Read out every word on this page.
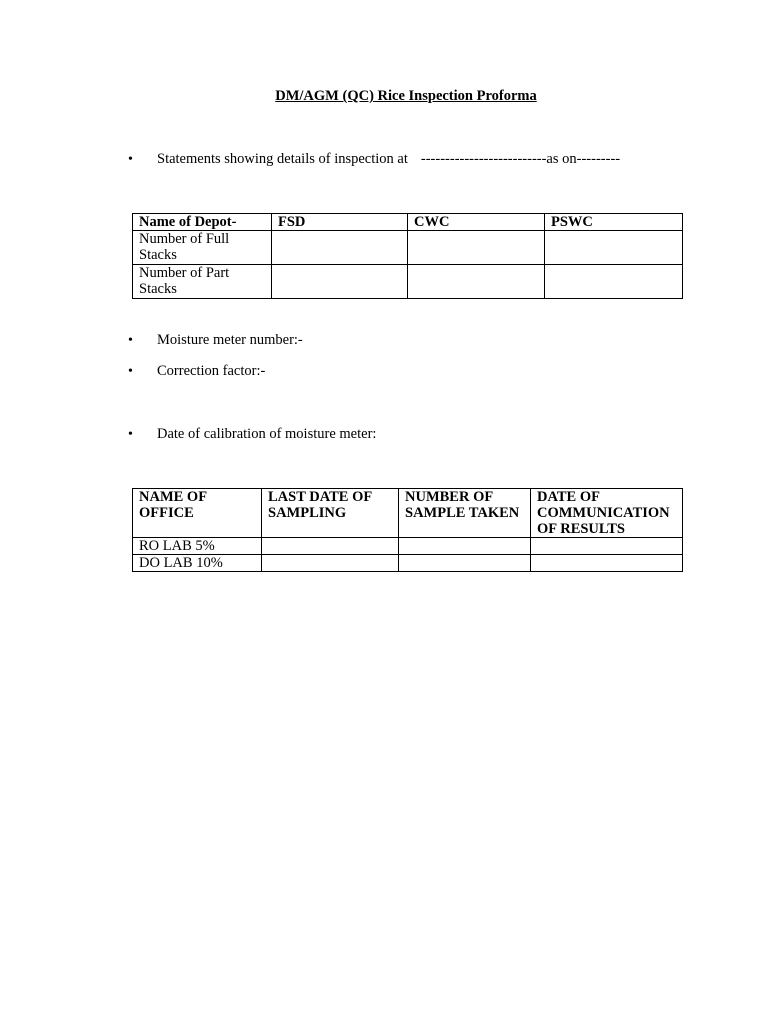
DM/AGM (QC) Rice Inspection Proforma
• Statements showing details of inspection at --------------------------as on---------
Name of Depot-	FSD	CWC	PSWC
Number of Full Stacks			
Number of Part Stacks			
• Moisture meter number:-
• Correction factor:-
• Date of calibration of moisture meter:
NAME OF OFFICE	LAST DATE OF SAMPLING	NUMBER OF SAMPLE TAKEN	DATE OF COMMUNICATION OF RESULTS
RO LAB 5%			
DO LAB 10%			
